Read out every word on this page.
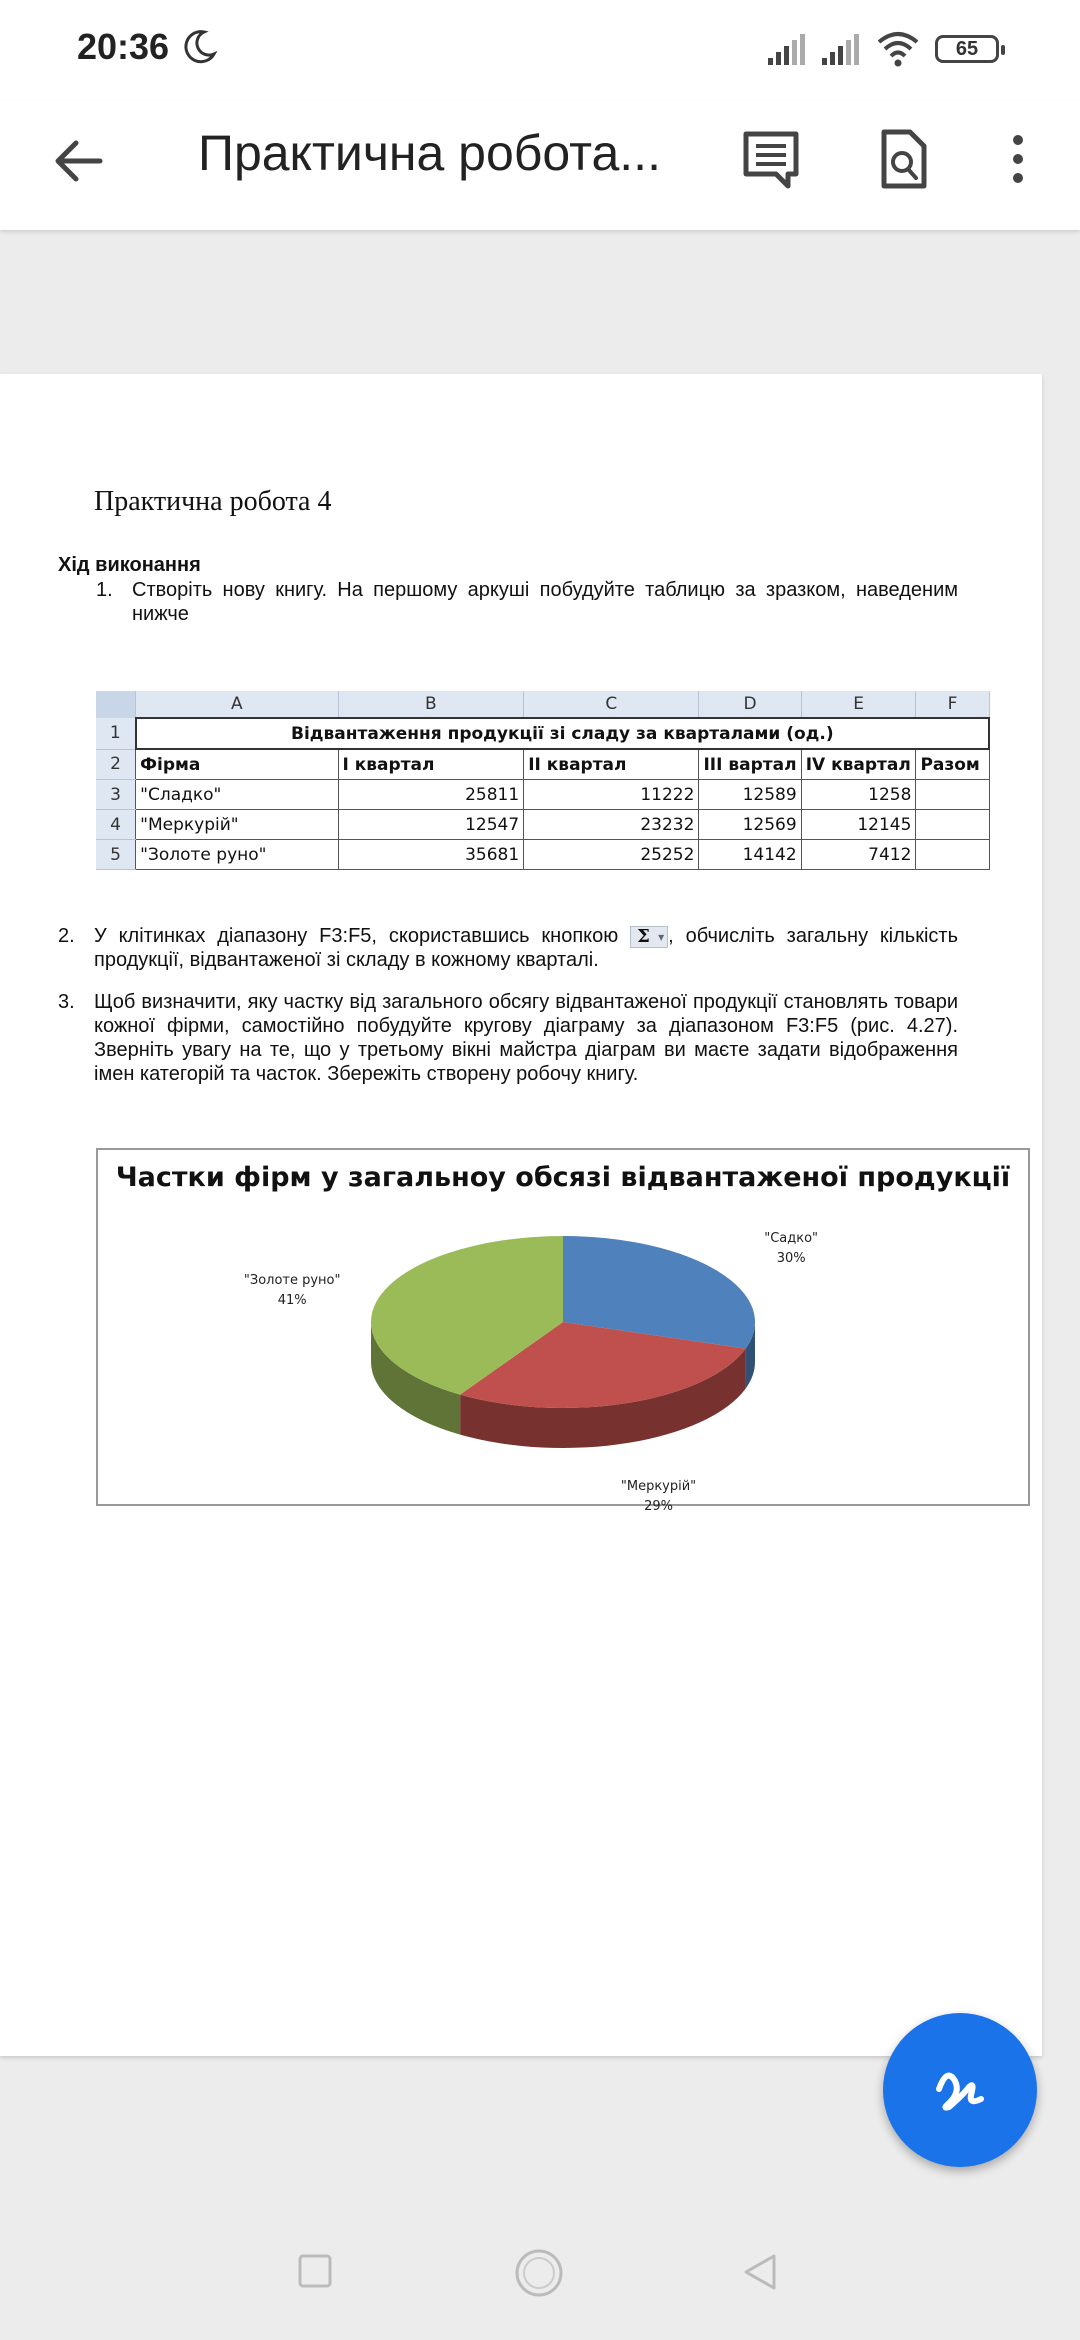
20:36	65
Практична робота...
Практична робота 4
Хід виконання
1. Створіть нову книгу. На першому аркуші побудуйте таблицю за зразком, наведеним нижче
	A	B	C	D	E	F
1	Відвантаження продукції зі сладу за кварталами (од.)					
2	Фірма	І квартал	ІІ квартал	ІІІ вартал	IV квартал	Разом
3	"Сладко"	25811	11222	12589	1258	
4	"Меркурій"	12547	23232	12569	12145	
5	"Золоте руно"	35681	25252	14142	7412	
2. У клітинках діапазону F3:F5, скориставшись кнопкою Σ ▾ , обчисліть загальну кількість продукції, відвантаженої зі складу в кожному кварталі.
3. Щоб визначити, яку частку від загального обсягу відвантаженої продукції становлять товари кожної фірми, самостійно побудуйте кругову діаграму за діапазоном F3:F5 (рис. 4.27). Зверніть увагу на те, що у третьому вікні майстра діаграм ви маєте задати відображення імен категорій та часток. Збережіть створену робочу книгу.
Частки фірм у загальноу обсязі відвантаженої продукції
"Садко"
30%
"Меркурій"
29%
"Золоте руно"
41%
